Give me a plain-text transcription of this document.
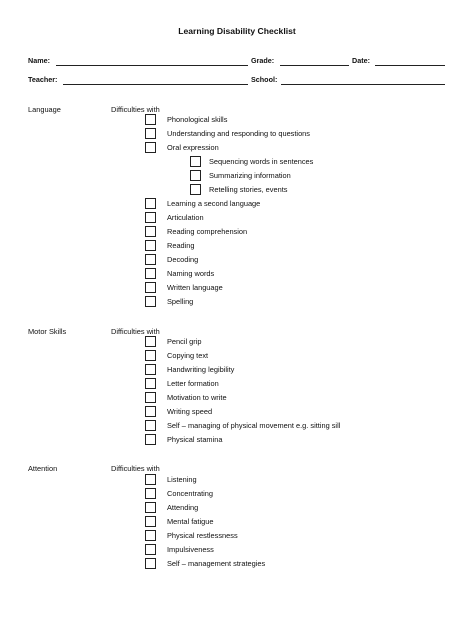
Learning Disability Checklist
Name:	Grade:	Date:
Teacher:	School:
Language	Difficulties with
Motor Skills	Difficulties with
Attention	Difficulties with
Phonological skills
Understanding and responding to questions
Oral expression
Sequencing words in sentences
Summarizing information
Retelling stories, events
Learning a second language
Articulation
Reading comprehension
Reading
Decoding
Naming words
Written language
Spelling
Pencil grip
Copying text
Handwriting legibility
Letter formation
Motivation to write
Writing speed
Self – managing of physical movement e.g. sitting sill
Physical stamina
Listening
Concentrating
Attending
Mental fatigue
Physical restlessness
Impulsiveness
Self – management strategies
